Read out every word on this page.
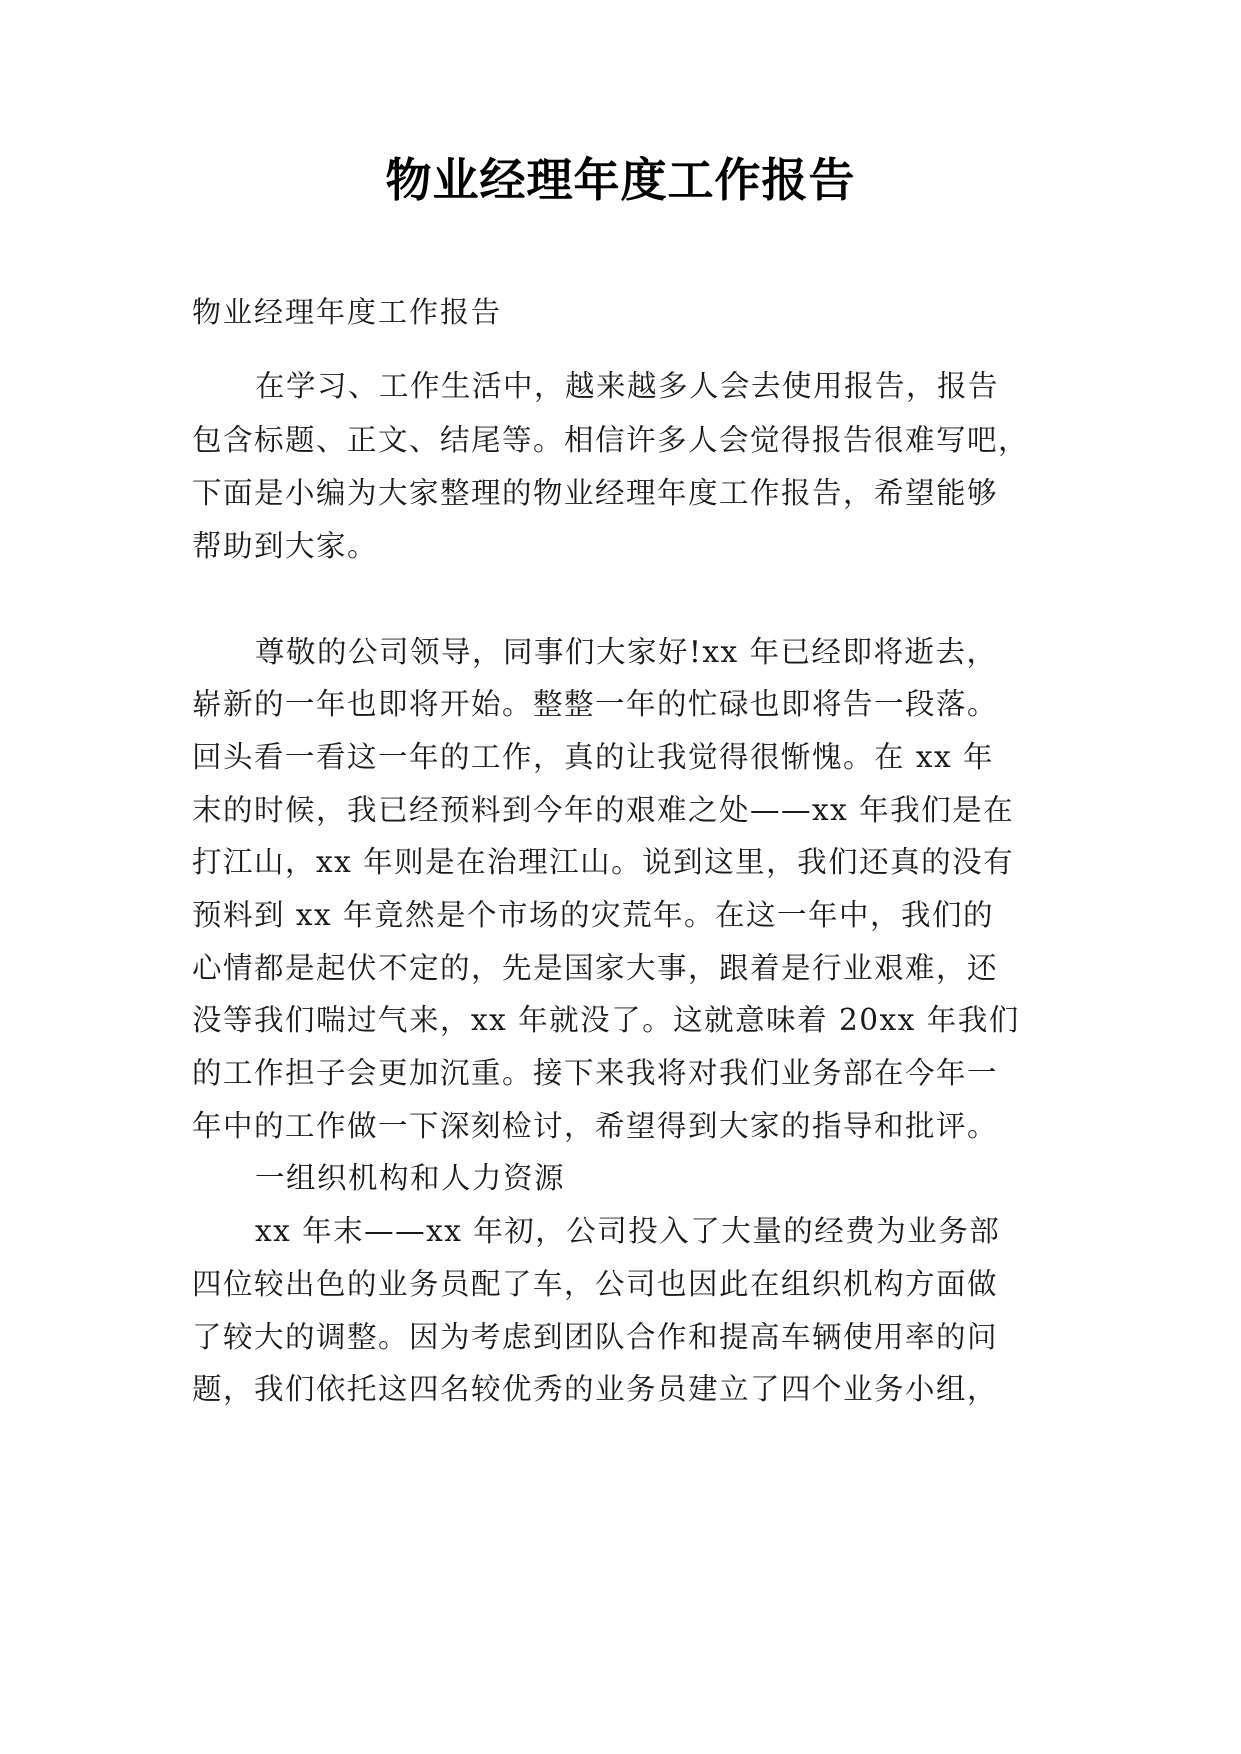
物业经理年度工作报告
物业经理年度工作报告
在学习、工作生活中，越来越多人会去使用报告，报告
包含标题、正文、结尾等。相信许多人会觉得报告很难写吧，
下面是小编为大家整理的物业经理年度工作报告，希望能够
帮助到大家。
尊敬的公司领导，同事们大家好!xx 年已经即将逝去，
崭新的一年也即将开始。整整一年的忙碌也即将告一段落。
回头看一看这一年的工作，真的让我觉得很惭愧。在 xx 年
末的时候，我已经预料到今年的艰难之处——xx 年我们是在
打江山，xx 年则是在治理江山。说到这里，我们还真的没有
预料到 xx 年竟然是个市场的灾荒年。在这一年中，我们的
心情都是起伏不定的，先是国家大事，跟着是行业艰难，还
没等我们喘过气来，xx 年就没了。这就意味着 20xx 年我们
的工作担子会更加沉重。接下来我将对我们业务部在今年一
年中的工作做一下深刻检讨，希望得到大家的指导和批评。
一组织机构和人力资源
xx 年末——xx 年初，公司投入了大量的经费为业务部
四位较出色的业务员配了车，公司也因此在组织机构方面做
了较大的调整。因为考虑到团队合作和提高车辆使用率的问
题，我们依托这四名较优秀的业务员建立了四个业务小组，
